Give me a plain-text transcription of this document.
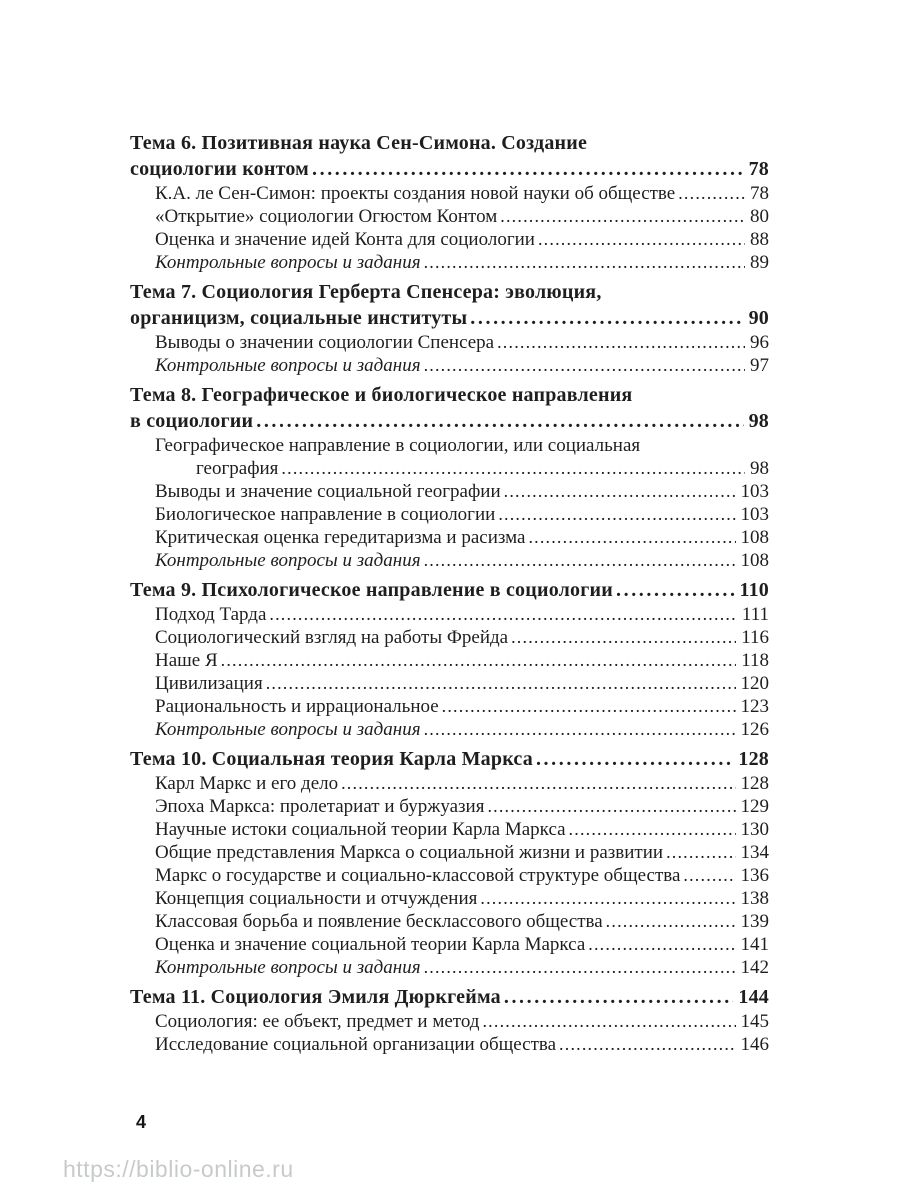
Тема 6. Позитивная наука Сен-Симона. Создание
социологии контом .....	78
К.А. ле Сен-Симон: проекты создания новой науки об обществе .....	78
«Открытие» социологии Огюстом Контом .....	80
Оценка и значение идей Конта для социологии .....	88
Контрольные вопросы и задания .....	89
Тема 7. Социология Герберта Спенсера: эволюция,
органицизм, социальные институты .....	90
Выводы о значении социологии Спенсера .....	96
Контрольные вопросы и задания .....	97
Тема 8. Географическое и биологическое направления
в социологии .....	98
Географическое направление в социологии, или социальная
география .....	98
Выводы и значение социальной географии .....	103
Биологическое направление в социологии .....	103
Критическая оценка гередитаризма и расизма .....	108
Контрольные вопросы и задания .....	108
Тема 9. Психологическое направление в социологии .....	110
Подход Тарда .....	111
Социологический взгляд на работы Фрейда .....	116
Наше Я .....	118
Цивилизация .....	120
Рациональность и иррациональное .....	123
Контрольные вопросы и задания .....	126
Тема 10. Социальная теория Карла Маркса .....	128
Карл Маркс и его дело .....	128
Эпоха Маркса: пролетариат и буржуазия .....	129
Научные истоки социальной теории Карла Маркса .....	130
Общие представления Маркса о социальной жизни и развитии .....	134
Маркс о государстве и социально-классовой структуре общества .....	136
Концепция социальности и отчуждения .....	138
Классовая борьба и появление бесклассового общества .....	139
Оценка и значение социальной теории Карла Маркса .....	141
Контрольные вопросы и задания .....	142
Тема 11. Социология Эмиля Дюркгейма .....	144
Социология: ее объект, предмет и метод .....	145
Исследование социальной организации общества .....	146
4
https://biblio-online.ru
